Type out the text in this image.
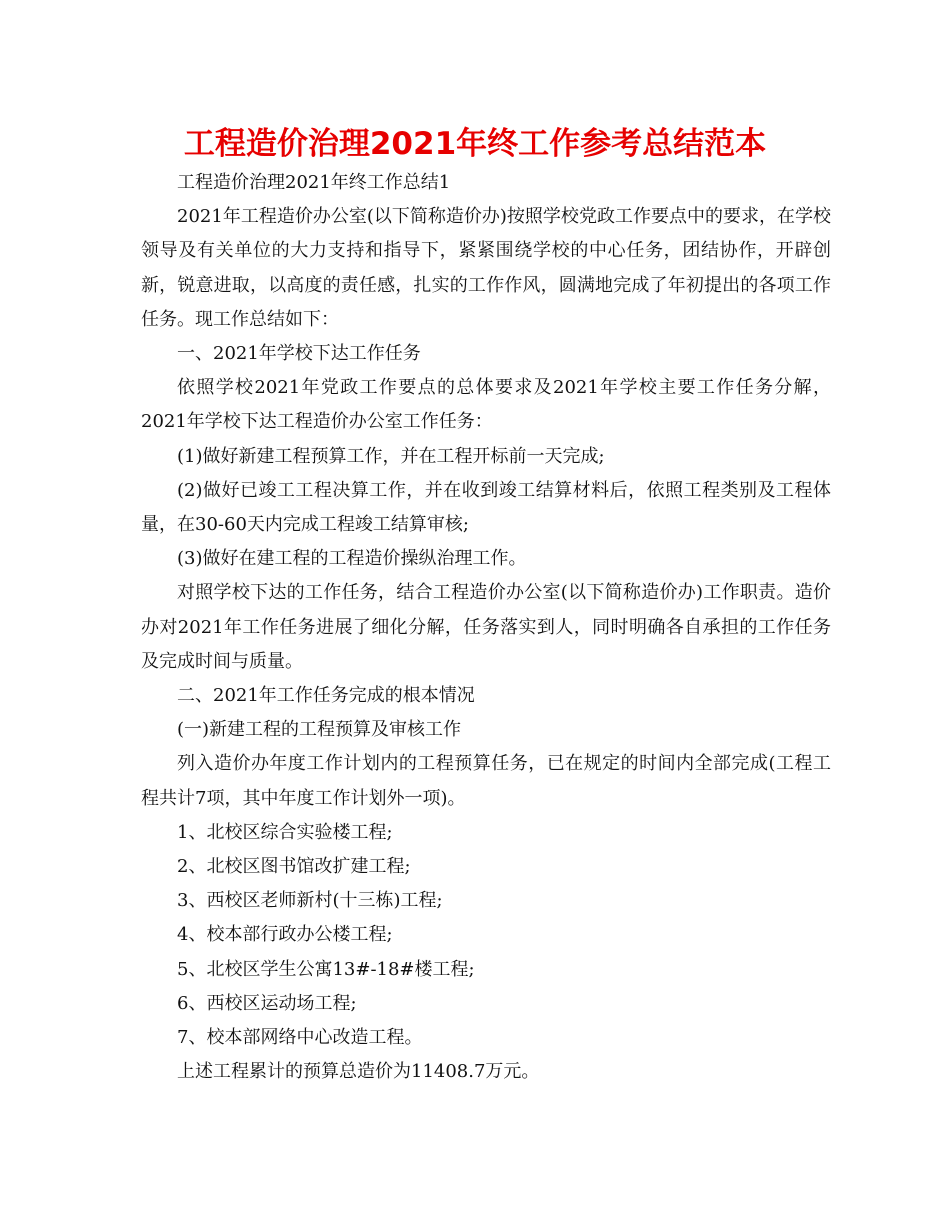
工程造价治理2021年终工作参考总结范本

工程造价治理2021年终工作总结1

2021年工程造价办公室(以下简称造价办)按照学校党政工作要点中的要求，在学校领导及有关单位的大力支持和指导下，紧紧围绕学校的中心任务，团结协作，开辟创新，锐意进取，以高度的责任感，扎实的工作作风，圆满地完成了年初提出的各项工作任务。现工作总结如下：

一、2021年学校下达工作任务

依照学校2021年党政工作要点的总体要求及2021年学校主要工作任务分解，2021年学校下达工程造价办公室工作任务：

(1)做好新建工程预算工作，并在工程开标前一天完成;

(2)做好已竣工工程决算工作，并在收到竣工结算材料后，依照工程类别及工程体量，在30-60天内完成工程竣工结算审核;

(3)做好在建工程的工程造价操纵治理工作。

对照学校下达的工作任务，结合工程造价办公室(以下简称造价办)工作职责。造价办对2021年工作任务进展了细化分解，任务落实到人，同时明确各自承担的工作任务及完成时间与质量。

二、2021年工作任务完成的根本情况

(一)新建工程的工程预算及审核工作

列入造价办年度工作计划内的工程预算任务，已在规定的时间内全部完成(工程工程共计7项，其中年度工作计划外一项)。

1、北校区综合实验楼工程;

2、北校区图书馆改扩建工程;

3、西校区老师新村(十三栋)工程;

4、校本部行政办公楼工程;

5、北校区学生公寓13#-18#楼工程;

6、西校区运动场工程;

7、校本部网络中心改造工程。

上述工程累计的预算总造价为11408.7万元。
